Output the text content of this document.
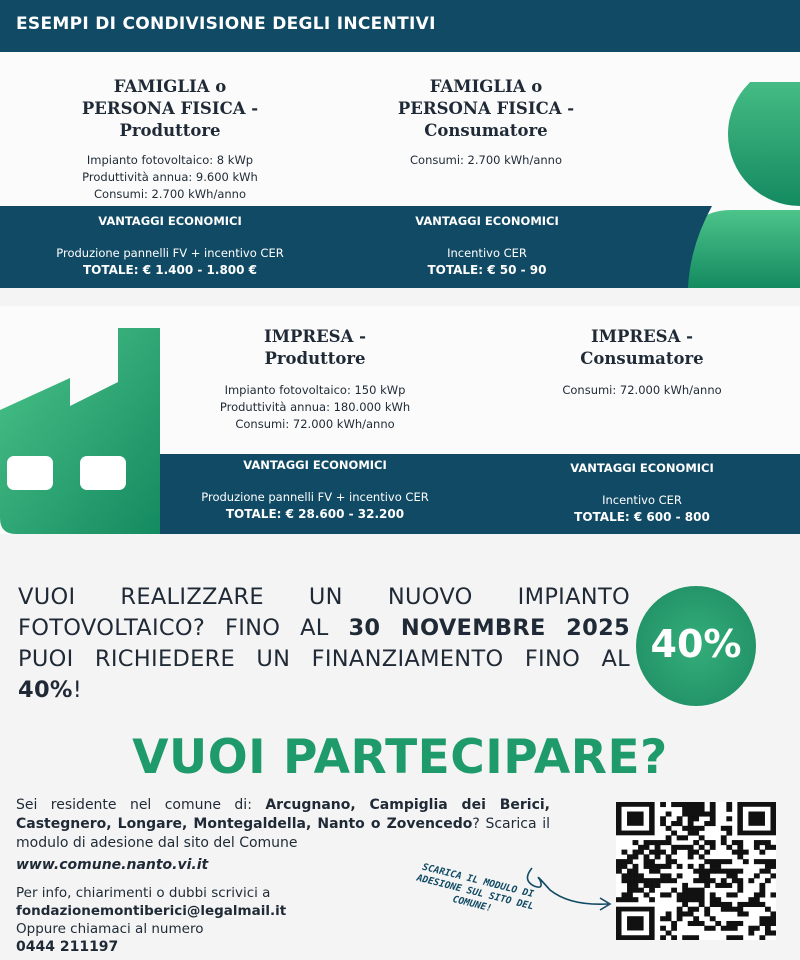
ESEMPI DI CONDIVISIONE DEGLI INCENTIVI
FAMIGLIA o
PERSONA FISICA -
Produttore
Impianto fotovoltaico: 8 kWp
Produttività annua: 9.600 kWh
Consumi: 2.700 kWh/anno
FAMIGLIA o
PERSONA FISICA -
Consumatore
Consumi: 2.700 kWh/anno
VANTAGGI ECONOMICI
Produzione pannelli FV + incentivo CER
TOTALE: € 1.400 - 1.800 €
VANTAGGI ECONOMICI
Incentivo CER
TOTALE: € 50 - 90
IMPRESA -
Produttore
Impianto fotovoltaico: 150 kWp
Produttività annua: 180.000 kWh
Consumi: 72.000 kWh/anno
IMPRESA -
Consumatore
Consumi: 72.000 kWh/anno
VANTAGGI ECONOMICI
Produzione pannelli FV + incentivo CER
TOTALE: € 28.600 - 32.200
VANTAGGI ECONOMICI
Incentivo CER
TOTALE: € 600 - 800
VUOI REALIZZARE UN NUOVO IMPIANTO FOTOVOLTAICO? FINO AL 30 NOVEMBRE 2025 PUOI RICHIEDERE UN FINANZIAMENTO FINO AL 40%!
40%
VUOI PARTECIPARE?
Sei residente nel comune di: Arcugnano, Campiglia dei Berici, Castegnero, Longare, Montegaldella, Nanto o Zovencedo? Scarica il modulo di adesione dal sito del Comune
www.comune.nanto.vi.it
Per info, chiarimenti o dubbi scrivici a
fondazionemontiberici@legalmail.it
Oppure chiamaci al numero
0444 211197
SCARICA IL MODULO DI ADESIONE SUL SITO DEL COMUNE!
